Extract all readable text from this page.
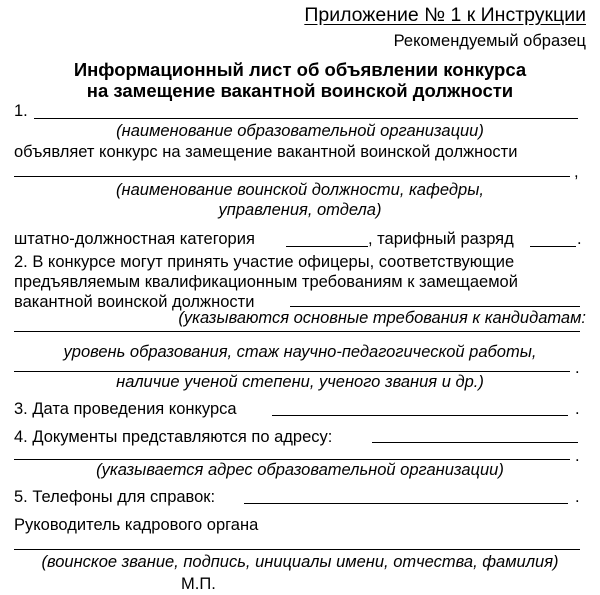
Приложение № 1 к Инструкции
Рекомендуемый образец
Информационный лист об объявлении конкурса
на замещение вакантной воинской должности
1.
(наименование образовательной организации)
объявляет конкурс на замещение вакантной воинской должности
,
(наименование воинской должности, кафедры,
управления, отдела)
штатно-должностная категория	, тарифный разряд	.
2. В конкурсе могут принять участие офицеры, соответствующие
предъявляемым квалификационным требованиям к замещаемой
вакантной воинской должности
(указываются основные требования к кандидатам:
уровень образования, стаж научно-педагогической работы,
.
наличие ученой степени, ученого звания и др.)
3. Дата проведения конкурса	.
4. Документы представляются по адресу:
.
(указывается адрес образовательной организации)
5. Телефоны для справок:	.
Руководитель кадрового органа
(воинское звание, подпись, инициалы имени, отчества, фамилия)
М.П.
